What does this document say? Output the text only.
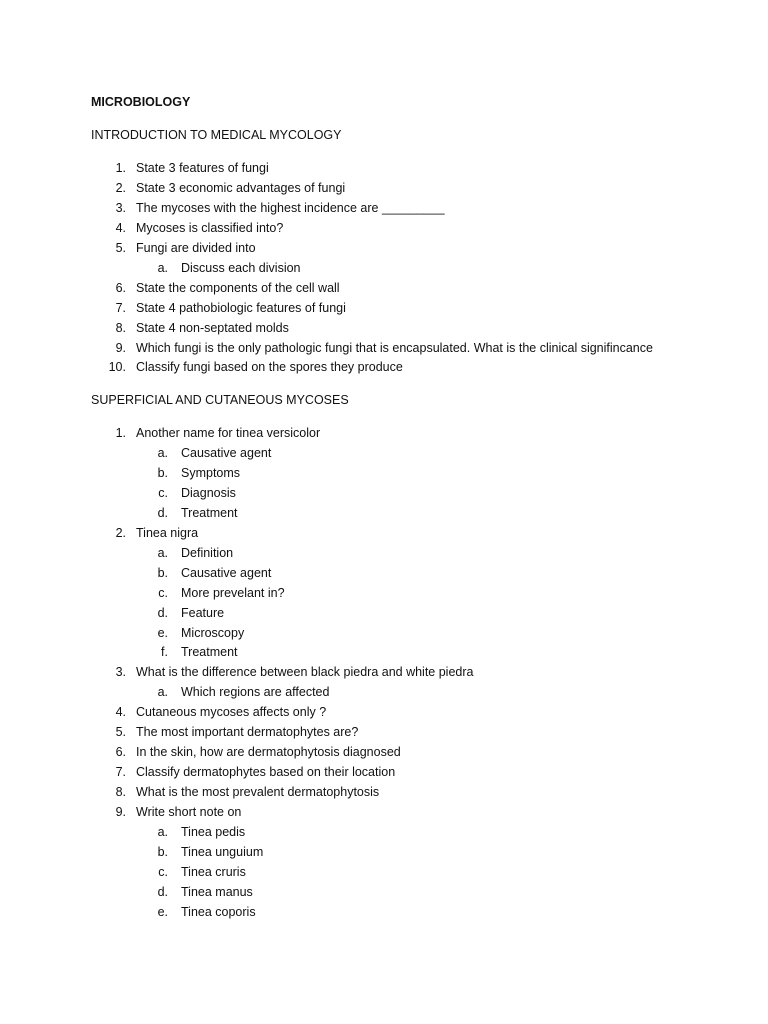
MICROBIOLOGY
INTRODUCTION TO MEDICAL MYCOLOGY
1. State 3 features of fungi
2. State 3 economic advantages of fungi
3. The mycoses with the highest incidence are _________
4. Mycoses is classified into?
5. Fungi are divided into
a. Discuss each division
6. State the components of the cell wall
7. State 4 pathobiologic features of fungi
8. State 4 non-septated molds
9. Which fungi is the only pathologic fungi that is encapsulated. What is the clinical signifincance
10. Classify fungi based on the spores they produce
SUPERFICIAL AND CUTANEOUS MYCOSES
1. Another name for tinea versicolor
a. Causative agent
b. Symptoms
c. Diagnosis
d. Treatment
2. Tinea nigra
a. Definition
b. Causative agent
c. More prevelant in?
d. Feature
e. Microscopy
f. Treatment
3. What is the difference between black piedra and white piedra
a. Which regions are affected
4. Cutaneous mycoses affects only ?
5. The most important dermatophytes are?
6. In the skin, how are dermatophytosis diagnosed
7. Classify dermatophytes based on their location
8. What is the most prevalent dermatophytosis
9. Write short note on
a. Tinea pedis
b. Tinea unguium
c. Tinea cruris
d. Tinea manus
e. Tinea coporis
